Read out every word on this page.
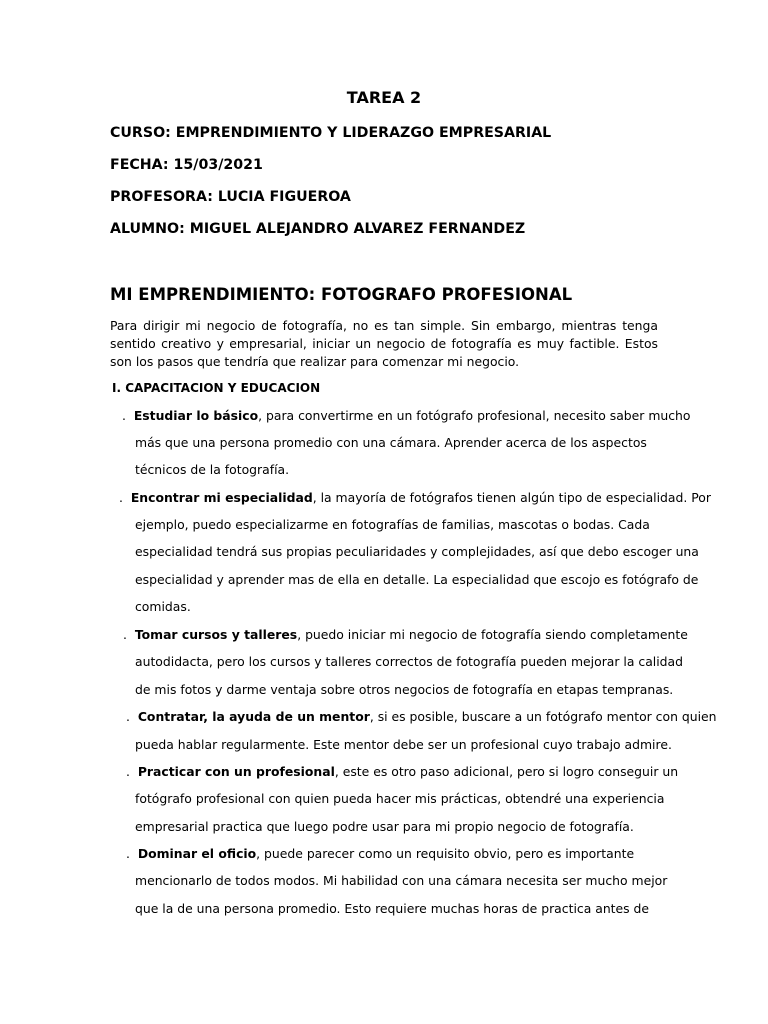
TAREA 2
CURSO: EMPRENDIMIENTO Y LIDERAZGO EMPRESARIAL
FECHA: 15/03/2021
PROFESORA: LUCIA FIGUEROA
ALUMNO: MIGUEL ALEJANDRO ALVAREZ FERNANDEZ
MI EMPRENDIMIENTO: FOTOGRAFO PROFESIONAL
Para dirigir mi negocio de fotografía, no es tan simple. Sin embargo, mientras tenga sentido creativo y empresarial, iniciar un negocio de fotografía es muy factible. Estos son los pasos que tendría que realizar para comenzar mi negocio.
I. CAPACITACION Y EDUCACION
. Estudiar lo básico, para convertirme en un fotógrafo profesional, necesito saber mucho
más que una persona promedio con una cámara. Aprender acerca de los aspectos
técnicos de la fotografía.
. Encontrar mi especialidad, la mayoría de fotógrafos tienen algún tipo de especialidad. Por
ejemplo, puedo especializarme en fotografías de familias, mascotas o bodas. Cada
especialidad tendrá sus propias peculiaridades y complejidades, así que debo escoger una
especialidad y aprender mas de ella en detalle. La especialidad que escojo es fotógrafo de
comidas.
. Tomar cursos y talleres, puedo iniciar mi negocio de fotografía siendo completamente
autodidacta, pero los cursos y talleres correctos de fotografía pueden mejorar la calidad
de mis fotos y darme ventaja sobre otros negocios de fotografía en etapas tempranas.
. Contratar, la ayuda de un mentor, si es posible, buscare a un fotógrafo mentor con quien
pueda hablar regularmente. Este mentor debe ser un profesional cuyo trabajo admire.
. Practicar con un profesional, este es otro paso adicional, pero si logro conseguir un
fotógrafo profesional con quien pueda hacer mis prácticas, obtendré una experiencia
empresarial practica que luego podre usar para mi propio negocio de fotografía.
. Dominar el oficio, puede parecer como un requisito obvio, pero es importante
mencionarlo de todos modos. Mi habilidad con una cámara necesita ser mucho mejor
que la de una persona promedio. Esto requiere muchas horas de practica antes de
